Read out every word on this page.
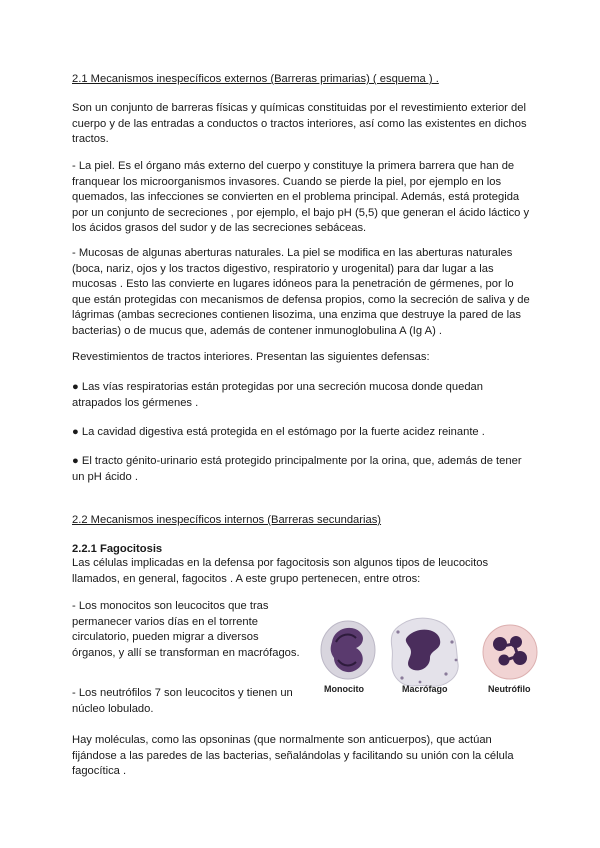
2.1 Mecanismos inespecíficos externos (Barreras primarias) ( esquema ) .

Son un conjunto de barreras físicas y químicas constituidas por el revestimiento exterior del cuerpo y de las entradas a conductos o tractos interiores, así como las existentes en dichos tractos.

- La piel. Es el órgano más externo del cuerpo y constituye la primera barrera que han de franquear los microorganismos invasores. Cuando se pierde la piel, por ejemplo en los quemados, las infecciones se convierten en el problema principal. Además, está protegida por un conjunto de secreciones , por ejemplo, el bajo pH (5,5) que generan el ácido láctico y los ácidos grasos del sudor y de las secreciones sebáceas.

- Mucosas de algunas aberturas naturales. La piel se modifica en las aberturas naturales (boca, nariz, ojos y los tractos digestivo, respiratorio y urogenital) para dar lugar a las mucosas . Esto las convierte en lugares idóneos para la penetración de gérmenes, por lo que están protegidas con mecanismos de defensa propios, como la secreción de saliva y de lágrimas (ambas secreciones contienen lisozima, una enzima que destruye la pared de las bacterias) o de mucus que, además de contener inmunoglobulina A (Ig A) .

Revestimientos de tractos interiores. Presentan las siguientes defensas:

● Las vías respiratorias están protegidas por una secreción mucosa donde quedan atrapados los gérmenes .

● La cavidad digestiva está protegida en el estómago por la fuerte acidez reinante .

● El tracto génito-urinario está protegido principalmente por la orina, que, además de tener un pH ácido .

2.2 Mecanismos inespecíficos internos (Barreras secundarias)

2.2.1 Fagocitosis

Las células implicadas en la defensa por fagocitosis son algunos tipos de leucocitos llamados, en general, fagocitos . A este grupo pertenecen, entre otros:

- Los monocitos son leucocitos que tras permanecer varios días en el torrente circulatorio, pueden migrar a diversos órganos, y allí se transforman en macrófagos.

- Los neutrófilos 7 son leucocitos y tienen un núcleo lobulado.

Hay moléculas, como las opsoninas (que normalmente son anticuerpos), que actúan fijándose a las paredes de las bacterias, señalándolas y facilitando su unión con la célula fagocítica .

Monocito	Macrófago	Neutrófilo
